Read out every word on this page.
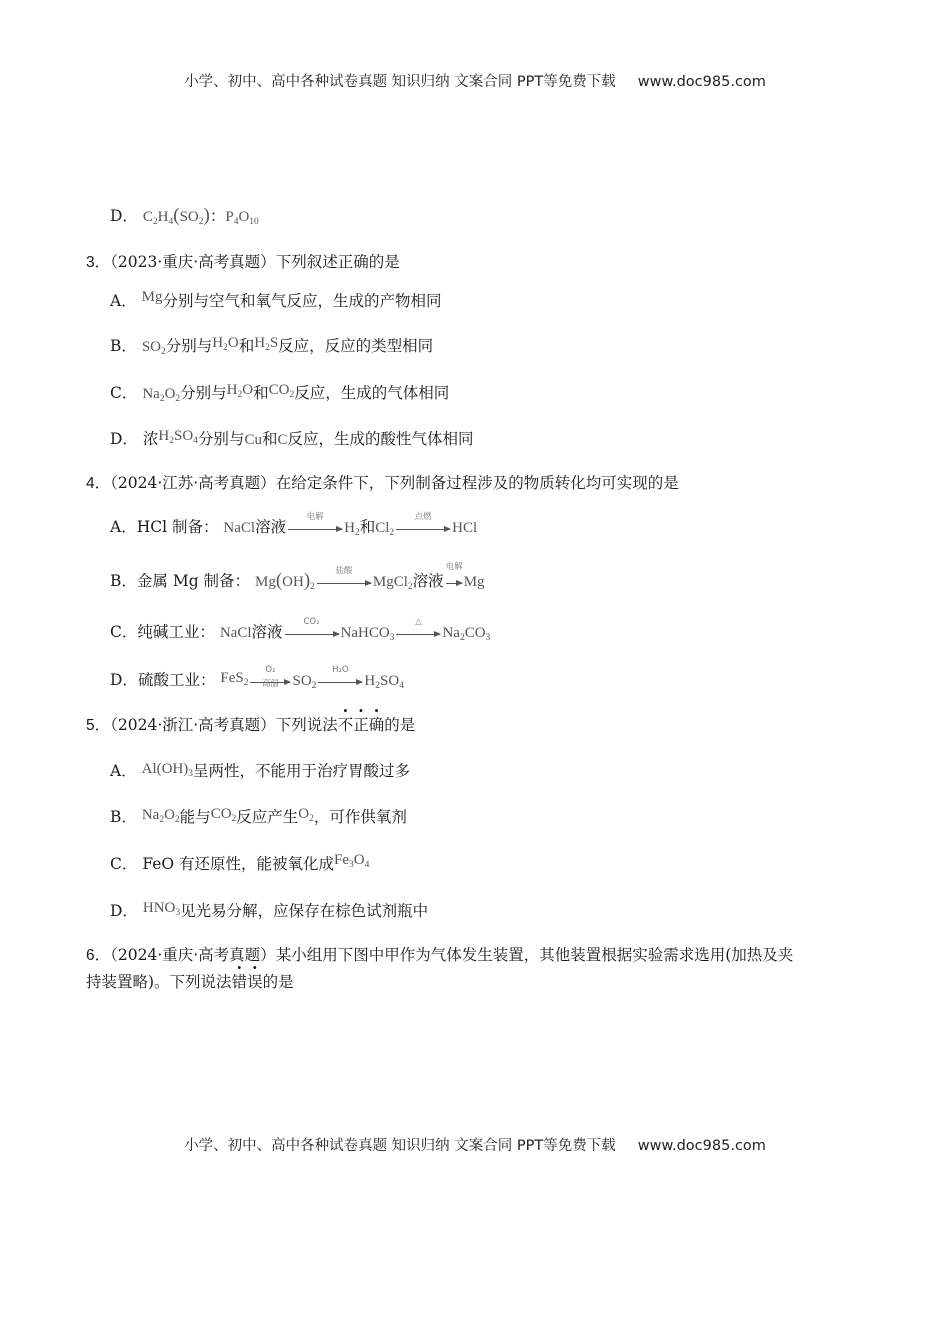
小学、初中、高中各种试卷真题 知识归纳 文案合同 PPT等免费下载 www.doc985.com
D． $C_2H_4(SO_2)$：$P_4O_{10}$
3．（2023·重庆·高考真题）下列叙述正确的是
A． Mg分别与空气和氧气反应，生成的产物相同
B． $SO_2$分别与$H_2O$和$H_2S$反应，反应的类型相同
C． $Na_2O_2$分别与$H_2O$和$CO_2$反应，生成的气体相同
D． 浓$H_2SO_4$分别与Cu和C反应，生成的酸性气体相同
4．（2024·江苏·高考真题）在给定条件下，下列制备过程涉及的物质转化均可实现的是
A．HCl 制备： NaCl溶液
电解
$H_2$和$Cl_2$
点燃
HCl
B．金属 Mg 制备： $Mg(OH)_2$
盐酸
MgCl$_2$溶液
电解
Mg
C．纯碱工业： NaCl溶液
CO₂
NaHCO$_3$
△
$Na_2CO_3$
D．硫酸工业： FeS$_2$
O₂
高温 $SO_2$
H₂O
$H_2SO_4$
5．（2024·浙江·高考真题）下列说法不正确的是
A． $Al(OH)_3$呈两性，不能用于治疗胃酸过多
B． $Na_2O_2$能与$CO_2$反应产生$O_2$，可作供氧剂
C． FeO 有还原性，能被氧化成$Fe_3O_4$
D． $HNO_3$见光易分解，应保存在棕色试剂瓶中
6．（2024·重庆·高考真题）某小组用下图中甲作为气体发生装置，其他装置根据实验需求选用(加热及夹
持装置略)。下列说法错误的是
小学、初中、高中各种试卷真题 知识归纳 文案合同 PPT等免费下载 www.doc985.com
